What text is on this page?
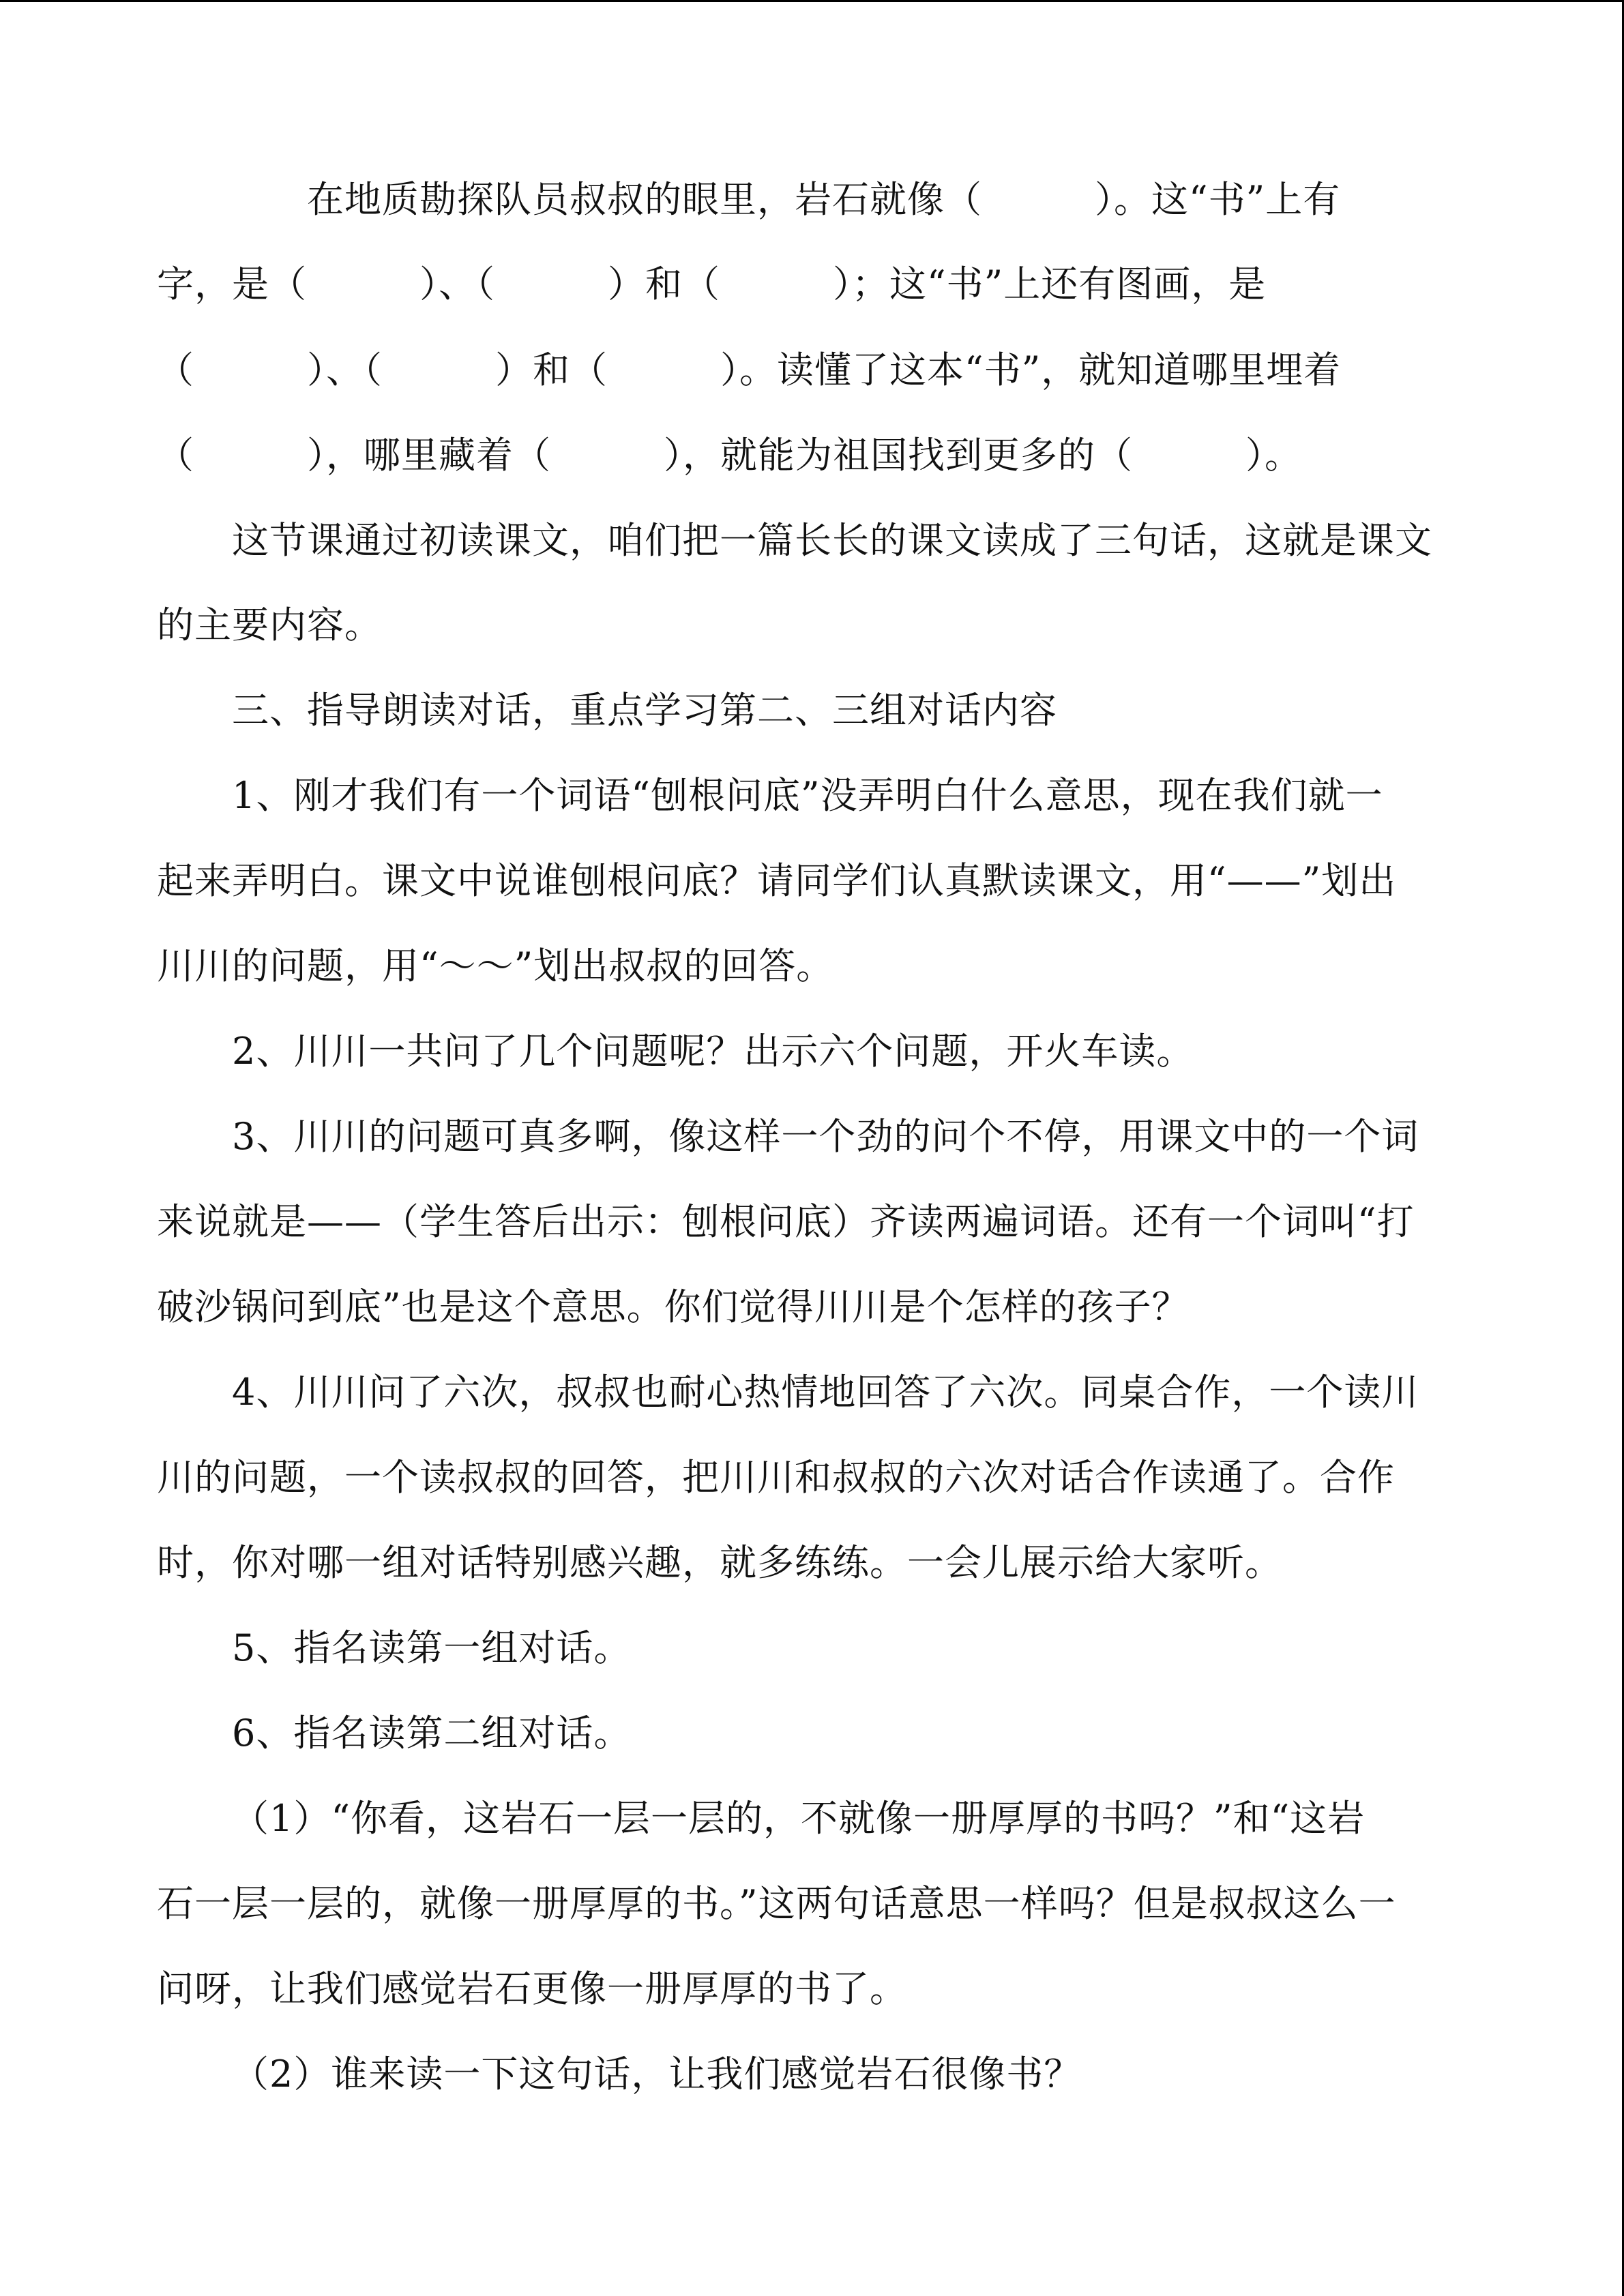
在地质勘探队员叔叔的眼里，岩石就像（　　　）。这“书”上有
字，是（　　　）、（　　　）和（　　　）；这“书”上还有图画，是
（　　　）、（　　　）和（　　　）。读懂了这本“书”，就知道哪里埋着
（　　　），哪里藏着（　　　），就能为祖国找到更多的（　　　）。
这节课通过初读课文，咱们把一篇长长的课文读成了三句话，这就是课文
的主要内容。
三、指导朗读对话，重点学习第二、三组对话内容
1、刚才我们有一个词语“刨根问底”没弄明白什么意思，现在我们就一
起来弄明白。课文中说谁刨根问底？请同学们认真默读课文，用“——”划出
川川的问题，用“～～”划出叔叔的回答。
2、川川一共问了几个问题呢？出示六个问题，开火车读。
3、川川的问题可真多啊，像这样一个劲的问个不停，用课文中的一个词
来说就是——（学生答后出示：刨根问底）齐读两遍词语。还有一个词叫“打
破沙锅问到底”也是这个意思。你们觉得川川是个怎样的孩子？
4、川川问了六次，叔叔也耐心热情地回答了六次。同桌合作，一个读川
川的问题，一个读叔叔的回答，把川川和叔叔的六次对话合作读通了。合作
时，你对哪一组对话特别感兴趣，就多练练。一会儿展示给大家听。
5、指名读第一组对话。
6、指名读第二组对话。
（1）“你看，这岩石一层一层的，不就像一册厚厚的书吗？”和“这岩
石一层一层的，就像一册厚厚的书。”这两句话意思一样吗？但是叔叔这么一
问呀，让我们感觉岩石更像一册厚厚的书了。
（2）谁来读一下这句话，让我们感觉岩石很像书？
